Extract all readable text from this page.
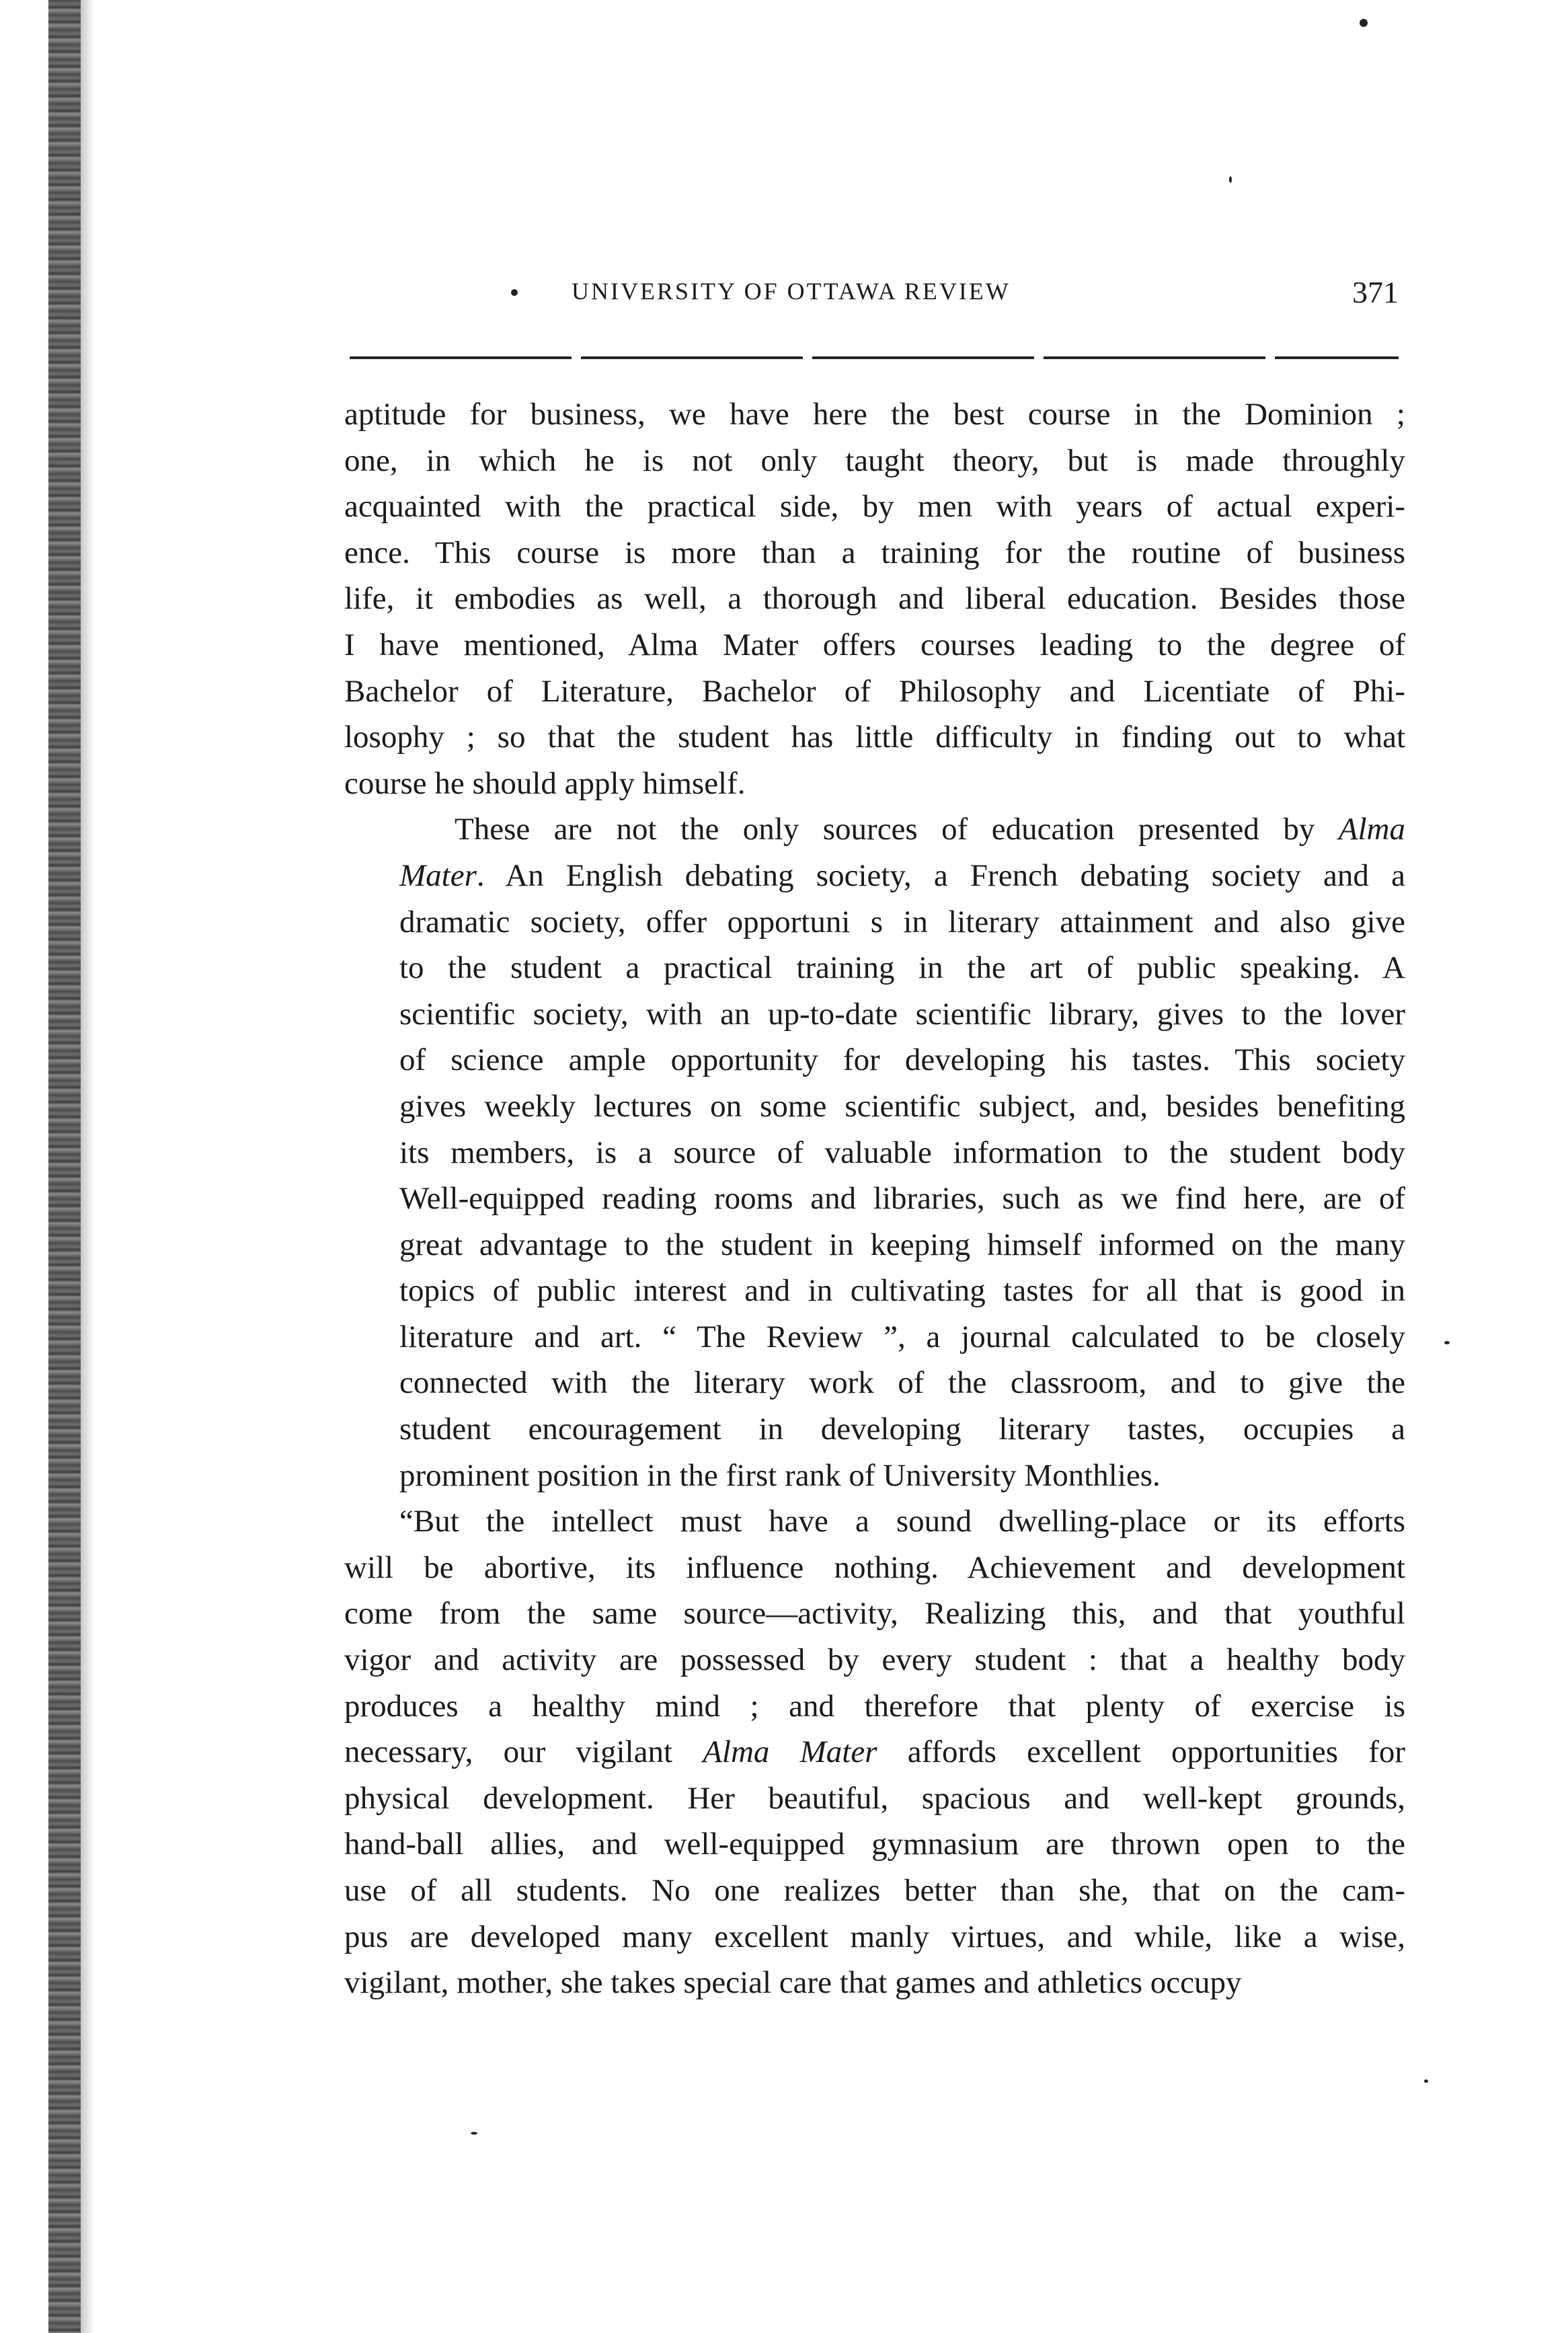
UNIVERSITY OF OTTAWA REVIEW	371

aptitude for business, we have here the best course in the Dominion ;
one, in which he is not only taught theory, but is made throughly
acquainted with the practical side, by men with years of actual experi-
ence. This course is more than a training for the routine of business
life, it embodies as well, a thorough and liberal education. Besides those
I have mentioned, Alma Mater offers courses leading to the degree of
Bachelor of Literature, Bachelor of Philosophy and Licentiate of Phi-
losophy ; so that the student has little difficulty in finding out to what
course he should apply himself.

These are not the only sources of education presented by Alma
Mater. An English debating society, a French debating society and a
dramatic society, offer opportuni s in literary attainment and also give
to the student a practical training in the art of public speaking. A
scientific society, with an up-to-date scientific library, gives to the lover
of science ample opportunity for developing his tastes. This society
gives weekly lectures on some scientific subject, and, besides benefiting
its members, is a source of valuable information to the student body
Well-equipped reading rooms and libraries, such as we find here, are of
great advantage to the student in keeping himself informed on the many
topics of public interest and in cultivating tastes for all that is good in
literature and art. “ The Review ”, a journal calculated to be closely
connected with the literary work of the classroom, and to give the
student encouragement in developing literary tastes, occupies a
prominent position in the first rank of University Monthlies.

“But the intellect must have a sound dwelling-place or its efforts
will be abortive, its influence nothing. Achievement and development
come from the same source—activity, Realizing this, and that youthful
vigor and activity are possessed by every student : that a healthy body
produces a healthy mind ; and therefore that plenty of exercise is
necessary, our vigilant Alma Mater affords excellent opportunities for
physical development. Her beautiful, spacious and well-kept grounds,
hand-ball allies, and well-equipped gymnasium are thrown open to the
use of all students. No one realizes better than she, that on the cam-
pus are developed many excellent manly virtues, and while, like a wise,
vigilant, mother, she takes special care that games and athletics occupy
